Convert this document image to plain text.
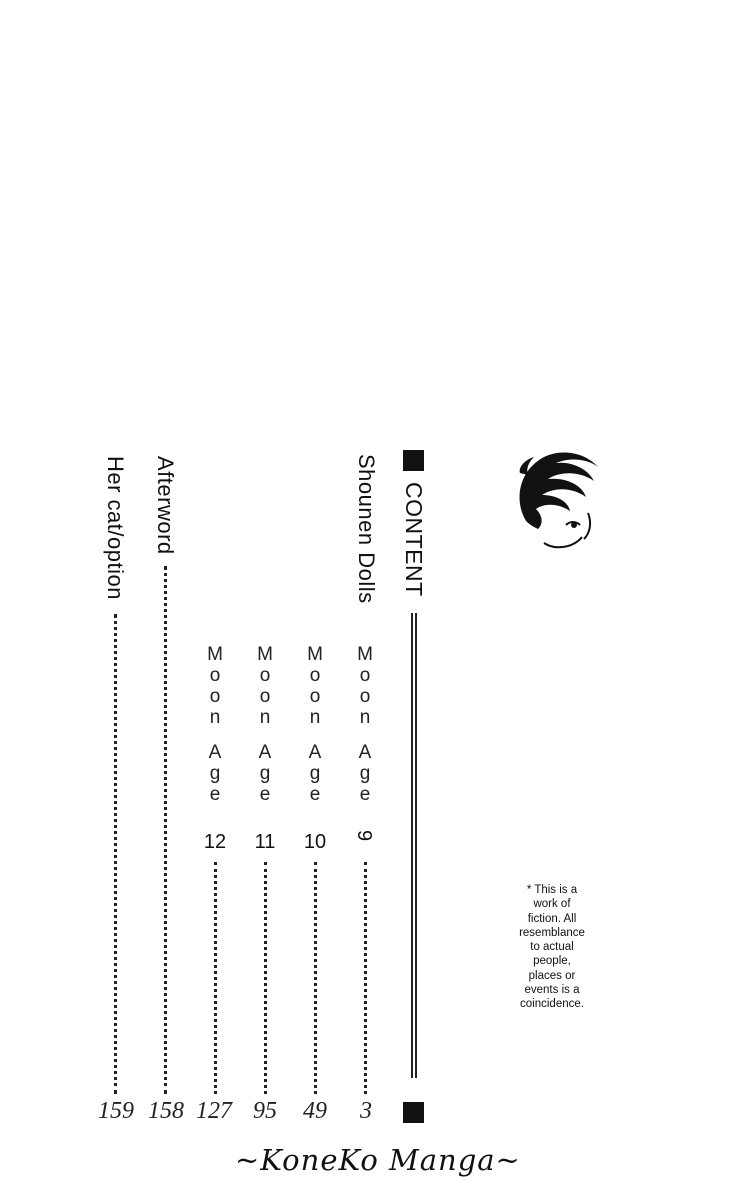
CONTENT
Shounen Dolls
M
o
o
n
A
g
e
9
3
M
o
o
n
A
g
e
10
49
M
o
o
n
A
g
e
11
95
M
o
o
n
A
g
e
12
127
Afterword
158
Her cat/option
159
* This is a
work of
fiction. All
resemblance
to actual
people,
places or
events is a
coincidence.
~KoneKo Manga~
